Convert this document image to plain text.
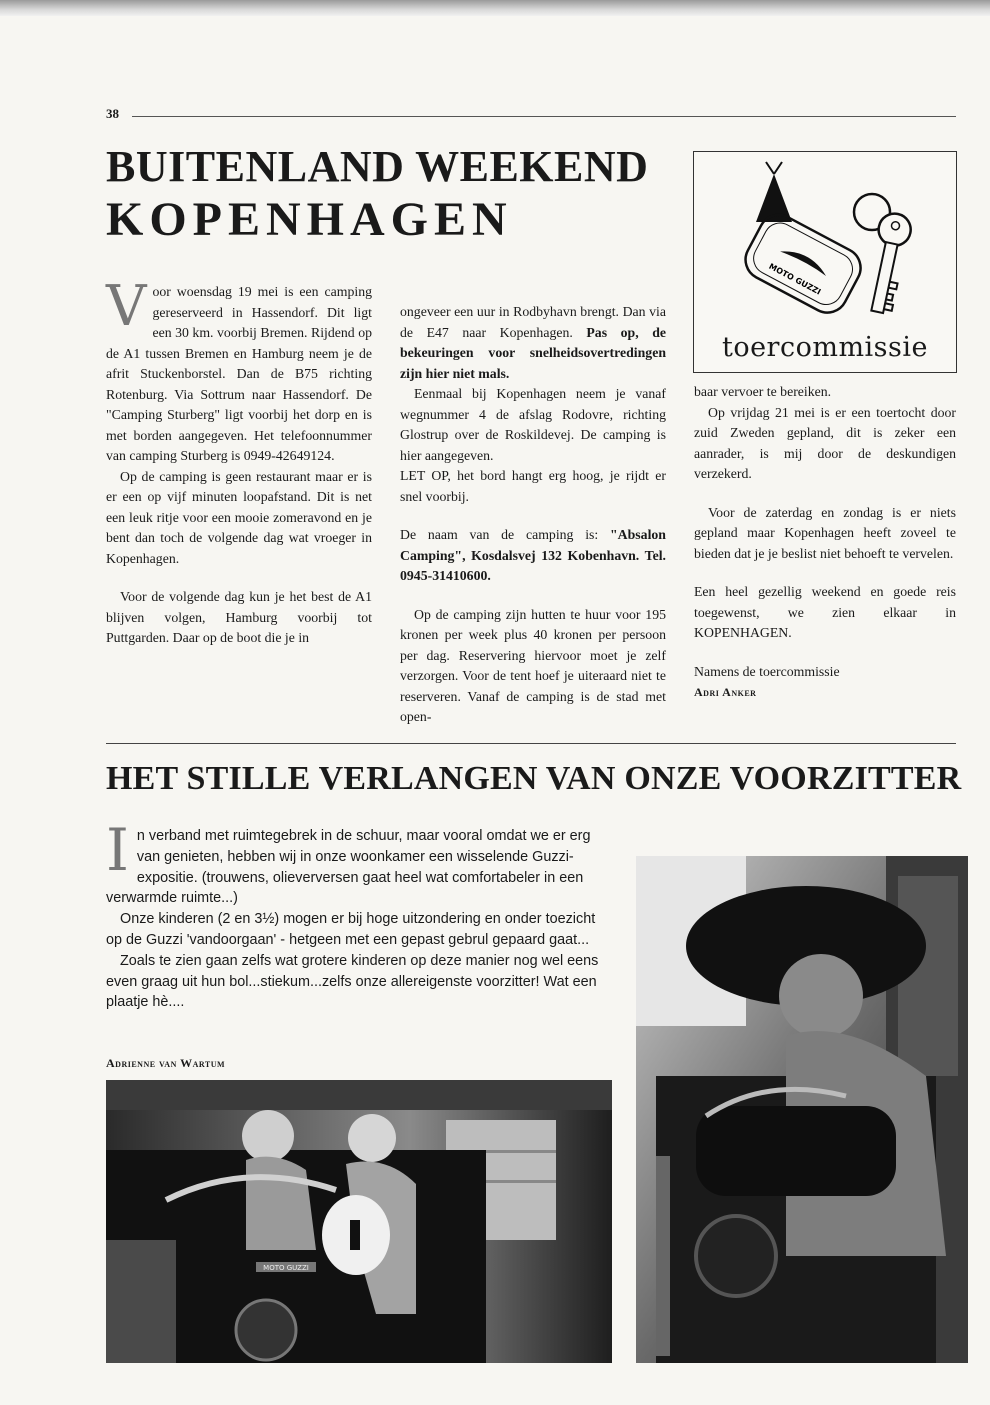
38
BUITENLAND WEEKEND
KOPENHAGEN
MOTO GUZZI
toercommissie
V oor woensdag 19 mei is een camping gereserveerd in Hassendorf. Dit ligt een 30 km. voorbij Bremen. Rijdend op de A1 tussen Bremen en Hamburg neem je de afrit Stuckenborstel. Dan de B75 richting Rotenburg. Via Sottrum naar Hassendorf. De "Camping Sturberg" ligt voorbij het dorp en is met borden aangegeven. Het telefoonnummer van camping Sturberg is 0949-42649124.

Op de camping is geen restaurant maar er is er een op vijf minuten loopafstand. Dit is net een leuk ritje voor een mooie zomeravond en je bent dan toch de volgende dag wat vroeger in Kopenhagen.

Voor de volgende dag kun je het best de A1 blijven volgen, Hamburg voorbij tot Puttgarden. Daar op de boot die je in

ongeveer een uur in Rodbyhavn brengt. Dan via de E47 naar Kopenhagen. Pas op, de bekeuringen voor snelheidsovertredingen zijn hier niet mals.

Eenmaal bij Kopenhagen neem je vanaf wegnummer 4 de afslag Rodovre, richting Glostrup over de Roskildevej. De camping is hier aangegeven.

LET OP, het bord hangt erg hoog, je rijdt er snel voorbij.

De naam van de camping is: "Absalon Camping", Kosdalsvej 132 Kobenhavn. Tel. 0945-31410600.

Op de camping zijn hutten te huur voor 195 kronen per week plus 40 kronen per persoon per dag. Reservering hiervoor moet je zelf verzorgen. Voor de tent hoef je uiteraard niet te reserveren. Vanaf de camping is de stad met open-

baar vervoer te bereiken.

Op vrijdag 21 mei is er een toertocht door zuid Zweden gepland, dit is zeker een aanrader, is mij door de deskundigen verzekerd.

Voor de zaterdag en zondag is er niets gepland maar Kopenhagen heeft zoveel te bieden dat je je beslist niet behoeft te vervelen.

Een heel gezellig weekend en goede reis toegewenst, we zien elkaar in KOPENHAGEN.

Namens de toercommissie

Adri Anker

HET STILLE VERLANGEN VAN ONZE VOORZITTER
I n verband met ruimtegebrek in de schuur, maar vooral omdat we er erg van genieten, hebben wij in onze woonkamer een wisselende Guzzi-expositie. (trouwens, olieverversen gaat heel wat comfortabeler in een verwarmde ruimte...)

Onze kinderen (2 en 3½) mogen er bij hoge uitzondering en onder toezicht op de Guzzi 'vandoorgaan' - hetgeen met een gepast gebrul gepaard gaat...

Zoals te zien gaan zelfs wat grotere kinderen op deze manier nog wel eens even graag uit hun bol...stiekum...zelfs onze allereigenste voorzitter! Wat een plaatje hè....

Adrienne van Wartum
MOTO GUZZI
